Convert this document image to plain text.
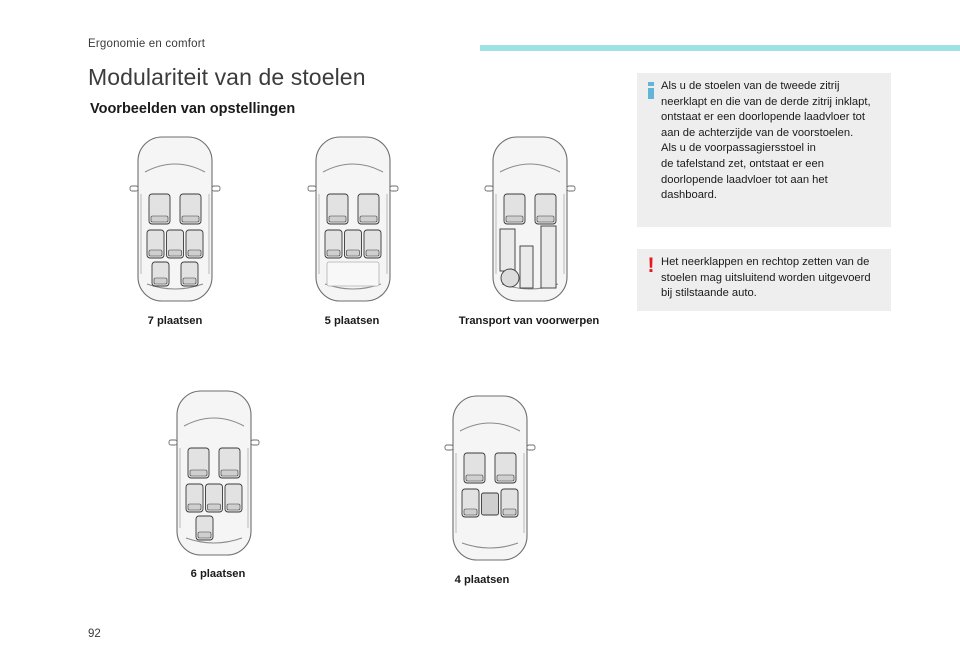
Ergonomie en comfort
Modulariteit van de stoelen
Voorbeelden van opstellingen
7 plaatsen	5 plaatsen	Transport van voorwerpen
6 plaatsen	4 plaatsen

Als u de stoelen van de tweede zitrij
neerklapt en die van de derde zitrij inklapt,
ontstaat er een doorlopende laadvloer tot
aan de achterzijde van de voorstoelen.
Als u de voorpassagiersstoel in
de tafelstand zet, ontstaat er een
doorlopende laadvloer tot aan het
dashboard.

! Het neerklappen en rechtop zetten van de
stoelen mag uitsluitend worden uitgevoerd
bij stilstaande auto.

92
